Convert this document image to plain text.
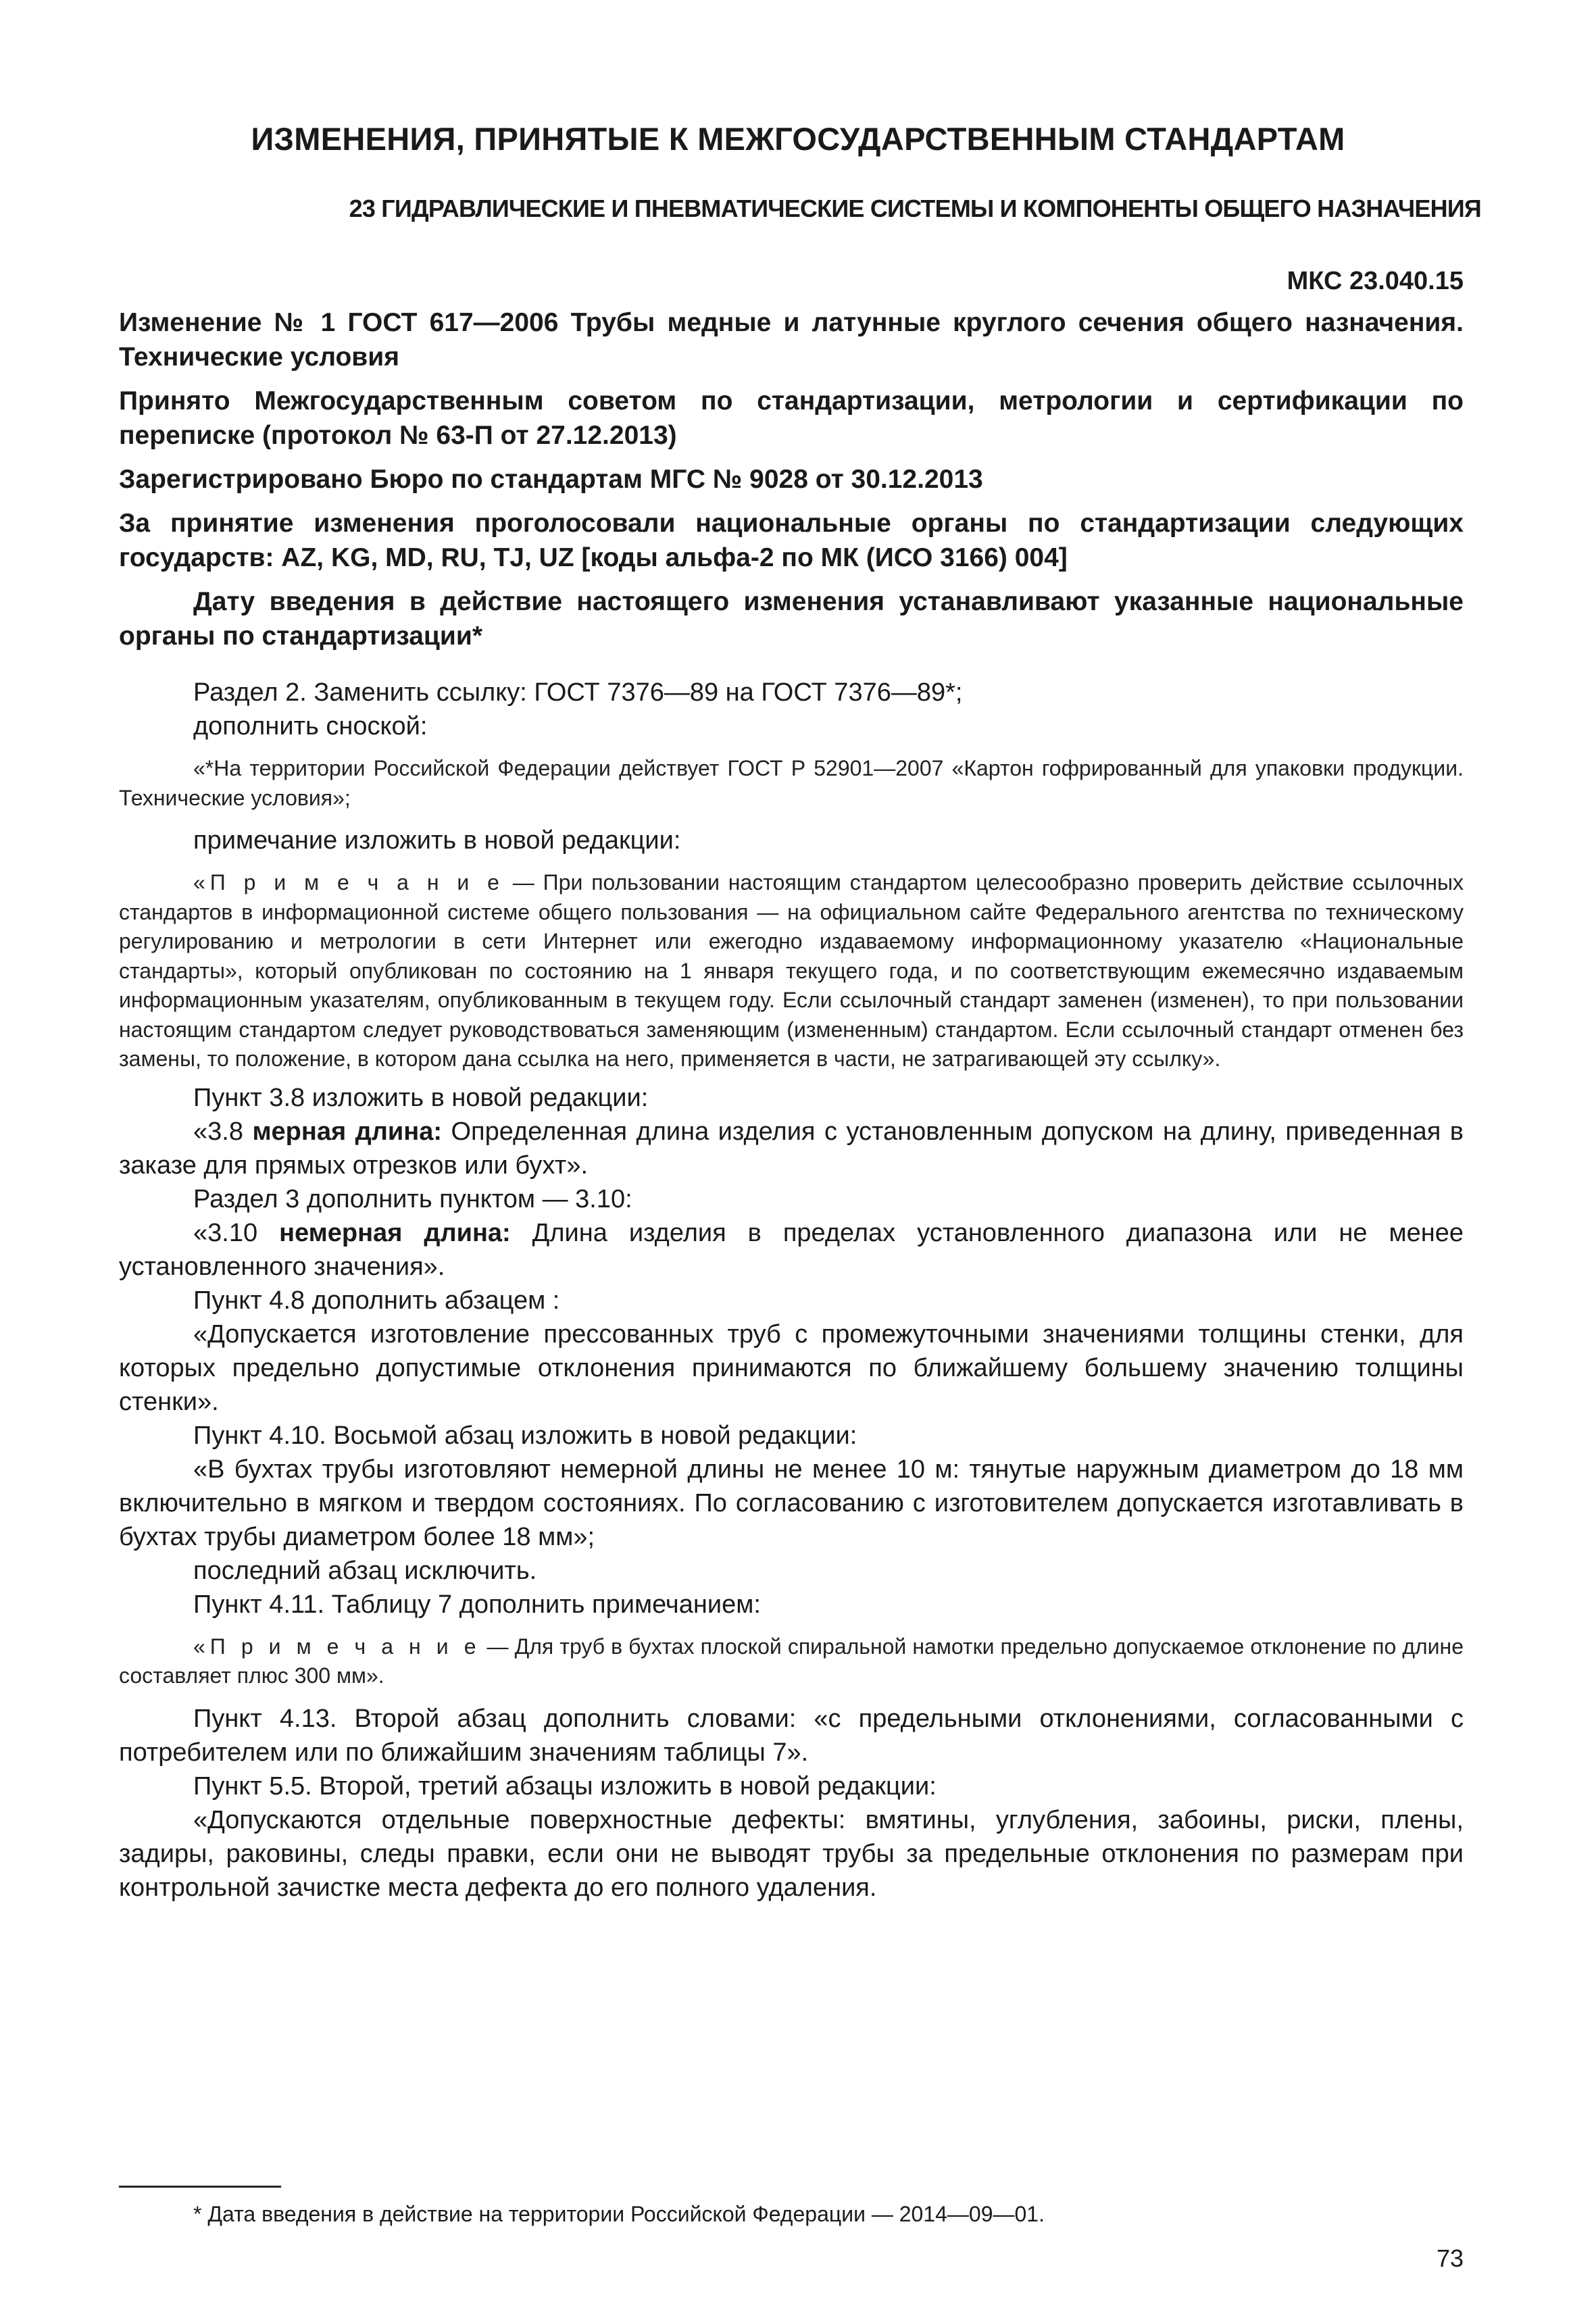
ИЗМЕНЕНИЯ, ПРИНЯТЫЕ К МЕЖГОСУДАРСТВЕННЫМ СТАНДАРТАМ
23 ГИДРАВЛИЧЕСКИЕ И ПНЕВМАТИЧЕСКИЕ СИСТЕМЫ И КОМПОНЕНТЫ ОБЩЕГО НАЗНАЧЕНИЯ
МКС 23.040.15

Изменение № 1 ГОСТ 617—2006 Трубы медные и латунные круглого сечения общего назначения. Технические условия

Принято Межгосударственным советом по стандартизации, метрологии и сертификации по переписке (протокол № 63-П от 27.12.2013)

Зарегистрировано Бюро по стандартам МГС № 9028 от 30.12.2013

За принятие изменения проголосовали национальные органы по стандартизации следующих государств: AZ, KG, MD, RU, TJ, UZ [коды альфа-2 по МК (ИСО 3166) 004]

Дату введения в действие настоящего изменения устанавливают указанные национальные органы по стандартизации*

Раздел 2. Заменить ссылку: ГОСТ 7376—89 на ГОСТ 7376—89*;

дополнить сноской:

«*На территории Российской Федерации действует ГОСТ Р 52901—2007 «Картон гофрированный для упаковки продукции. Технические условия»;

примечание изложить в новой редакции:

«П р и м е ч а н и е — При пользовании настоящим стандартом целесообразно проверить действие ссылочных стандартов в информационной системе общего пользования — на официальном сайте Федерального агентства по техническому регулированию и метрологии в сети Интернет или ежегодно издаваемому информационному указателю «Национальные стандарты», который опубликован по состоянию на 1 января текущего года, и по соответствующим ежемесячно издаваемым информационным указателям, опубликованным в текущем году. Если ссылочный стандарт заменен (изменен), то при пользовании настоящим стандартом следует руководствоваться заменяющим (измененным) стандартом. Если ссылочный стандарт отменен без замены, то положение, в котором дана ссылка на него, применяется в части, не затрагивающей эту ссылку».

Пункт 3.8 изложить в новой редакции:

«3.8 мерная длина: Определенная длина изделия с установленным допуском на длину, приведенная в заказе для прямых отрезков или бухт».

Раздел 3 дополнить пунктом — 3.10:

«3.10 немерная длина: Длина изделия в пределах установленного диапазона или не менее установленного значения».

Пункт 4.8 дополнить абзацем :

«Допускается изготовление прессованных труб с промежуточными значениями толщины стенки, для которых предельно допустимые отклонения принимаются по ближайшему большему значению толщины стенки».

Пункт 4.10. Восьмой абзац изложить в новой редакции:

«В бухтах трубы изготовляют немерной длины не менее 10 м: тянутые наружным диаметром до 18 мм включительно в мягком и твердом состояниях. По согласованию с изготовителем допускается изготавливать в бухтах трубы диаметром более 18 мм»;

последний абзац исключить.

Пункт 4.11. Таблицу 7 дополнить примечанием:

«П р и м е ч а н и е — Для труб в бухтах плоской спиральной намотки предельно допускаемое отклонение по длине составляет плюс 300 мм».

Пункт 4.13. Второй абзац дополнить словами: «с предельными отклонениями, согласованными с потребителем или по ближайшим значениям таблицы 7».

Пункт 5.5. Второй, третий абзацы изложить в новой редакции:

«Допускаются отдельные поверхностные дефекты: вмятины, углубления, забоины, риски, плены, задиры, раковины, следы правки, если они не выводят трубы за предельные отклонения по размерам при контрольной зачистке места дефекта до его полного удаления.

* Дата введения в действие на территории Российской Федерации — 2014—09—01.
73
